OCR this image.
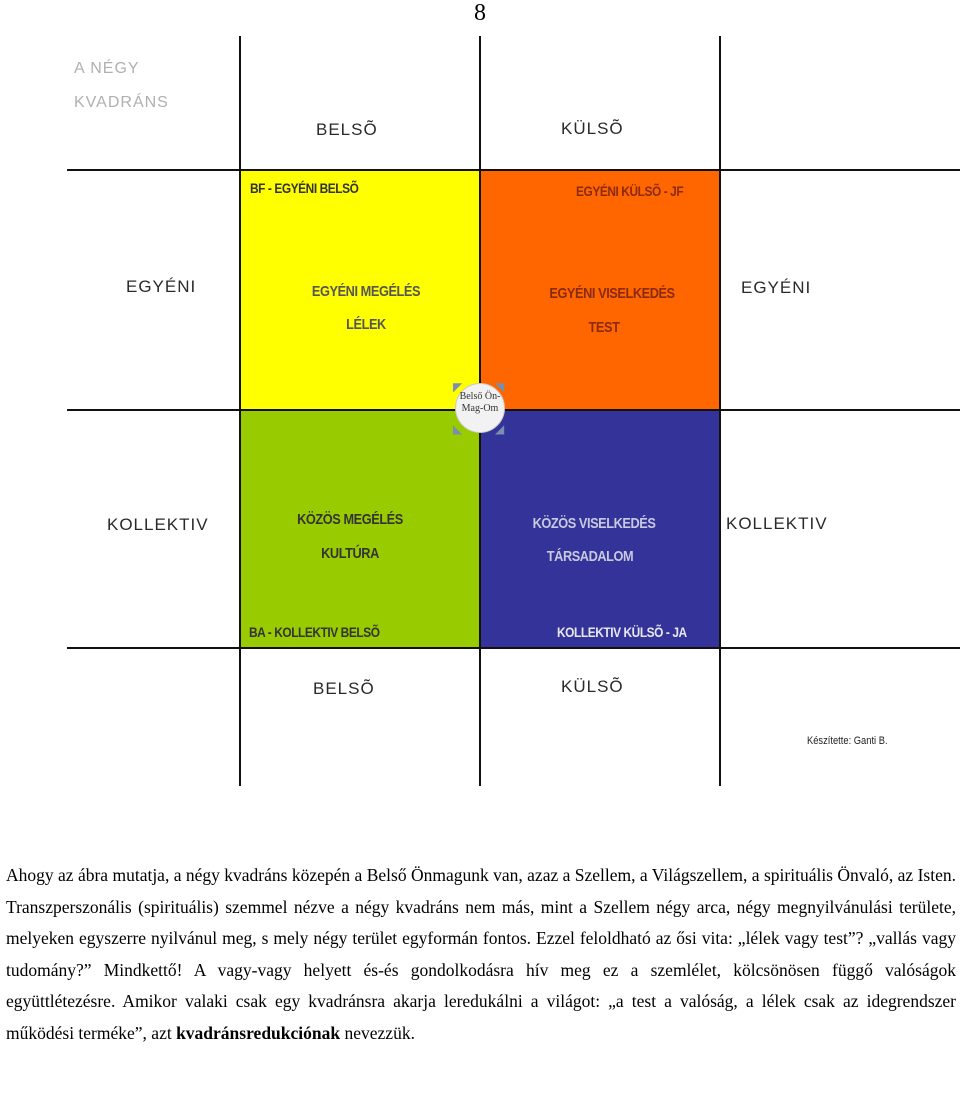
8
A NÉGY
KVADRÁNS
BELSÕ	KÜLSÕ
BELSÕ	KÜLSÕ
EGYÉNI	EGYÉNI
KOLLEKTIV	KOLLEKTIV
BF - EGYÉNI BELSÕ
EGYÉNI MEGÉLÉS
LÉLEK
EGYÉNI KÜLSÕ - JF
EGYÉNI VISELKEDÉS
TEST
KÖZÖS MEGÉLÉS
KULTÚRA
BA - KOLLEKTIV BELSÕ
KÖZÖS VISELKEDÉS
TÁRSADALOM
KOLLEKTIV KÜLSÕ - JA
◤	◥
◣	◢
Belső Ön-
Mag-Om
Készítette: Ganti B.
Ahogy az ábra mutatja, a négy kvadráns közepén a Belső Önmagunk van, azaz a Szellem, a Világszellem, a spirituális Önvaló, az Isten. Transzperszonális (spirituális) szemmel nézve a négy kvadráns nem más, mint a Szellem négy arca, négy megnyilvánulási területe, melyeken egyszerre nyilvánul meg, s mely négy terület egyformán fontos. Ezzel feloldható az ősi vita: „lélek vagy test”? „vallás vagy tudomány?” Mindkettő! A vagy-vagy helyett és-és gondolkodásra hív meg ez a szemlélet, kölcsönösen függő valóságok együttlétezésre. Amikor valaki csak egy kvadránsra akarja leredukálni a világot: „a test a valóság, a lélek csak az idegrendszer működési terméke”, azt kvadránsredukciónak nevezzük.
